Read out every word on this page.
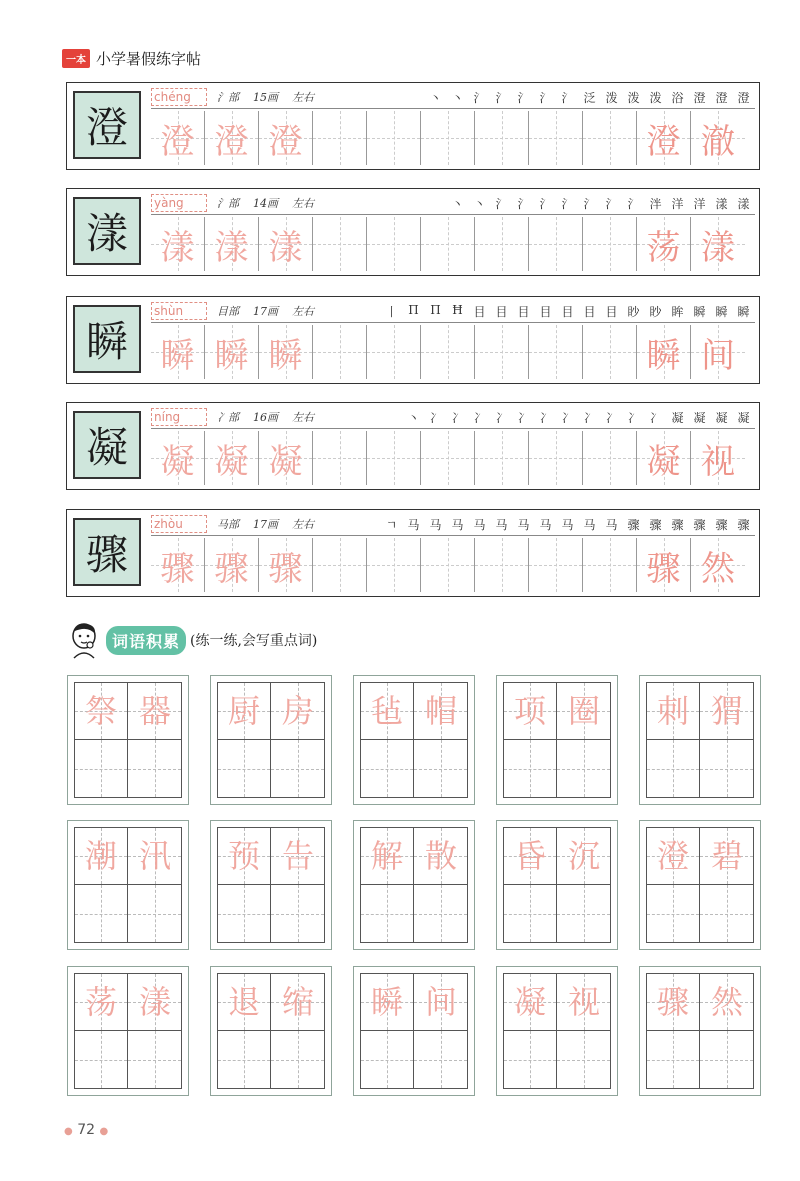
一本 小学暑假练字帖
澄
chéng	氵部 15画 左右	丶 丶 氵 氵 氵 氵 氵 泛 泼 泼 泼 浴 澄 澄 澄
澄 澄 澄	澄 澈
漾
yàng	氵部 14画 左右	丶 丶 氵 氵 氵 氵 氵 氵 氵 泮 洋 洋 漾 漾
漾 漾 漾	荡 漾
瞬
shùn	目部 17画 左右	丨 П Π Ħ 目 目 目 目 目 目 目 眇 眇 眸 瞬 瞬 瞬
瞬 瞬 瞬	瞬 间
凝
níng	冫部 16画 左右	丶 冫 冫 冫 冫 冫 冫 冫 冫 冫 冫 冫 凝 凝 凝 凝
凝 凝 凝	凝 视
骤
zhòu	马部 17画 左右	ㄱ 马 马 马 马 马 马 马 马 马 马 骤 骤 骤 骤 骤 骤
骤 骤 骤	骤 然
词语积累 (练一练,会写重点词)
祭 器	厨 房	毡 帽	项 圈	刺 猬
潮 汛	预 告	解 散	昏 沉	澄 碧
荡 漾	退 缩	瞬 间	凝 视	骤 然
● 72 ●
